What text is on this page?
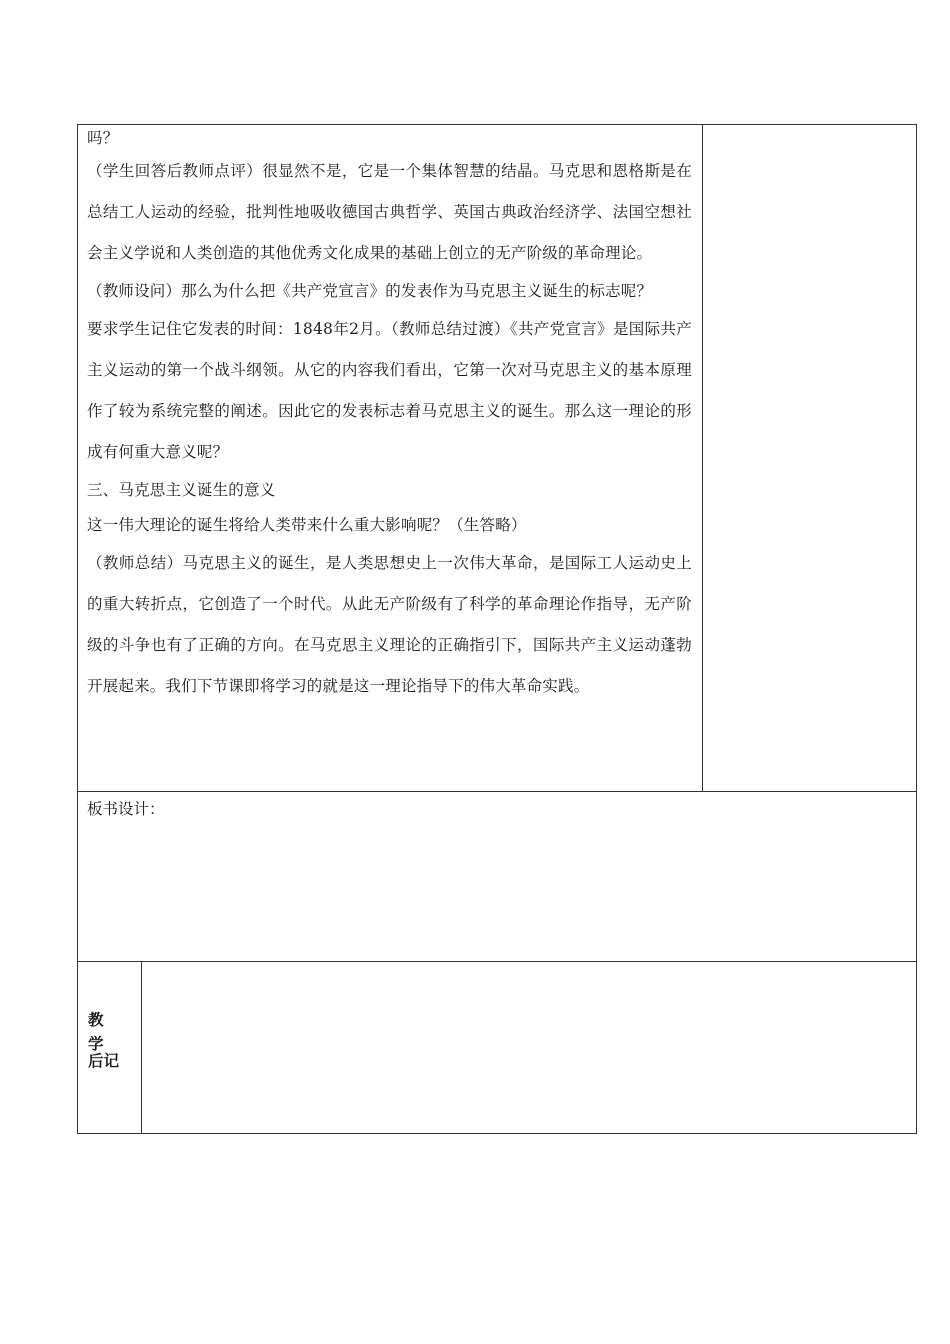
吗？

（学生回答后教师点评）很显然不是，它是一个集体智慧的结晶。马克思和恩格斯是在总结工人运动的经验，批判性地吸收德国古典哲学、英国古典政治经济学、法国空想社会主义学说和人类创造的其他优秀文化成果的基础上创立的无产阶级的革命理论。

（教师设问）那么为什么把《共产党宣言》的发表作为马克思主义诞生的标志呢？

要求学生记住它发表的时间：1848年2月。（教师总结过渡）《共产党宣言》是国际共产主义运动的第一个战斗纲领。从它的内容我们看出，它第一次对马克思主义的基本原理作了较为系统完整的阐述。因此它的发表标志着马克思主义的诞生。那么这一理论的形成有何重大意义呢？

三、马克思主义诞生的意义

这一伟大理论的诞生将给人类带来什么重大影响呢？（生答略）

（教师总结）马克思主义的诞生，是人类思想史上一次伟大革命，是国际工人运动史上的重大转折点，它创造了一个时代。从此无产阶级有了科学的革命理论作指导，无产阶级的斗争也有了正确的方向。在马克思主义理论的正确指引下，国际共产主义运动蓬勃开展起来。我们下节课即将学习的就是这一理论指导下的伟大革命实践。

板书设计：

教学
后记
